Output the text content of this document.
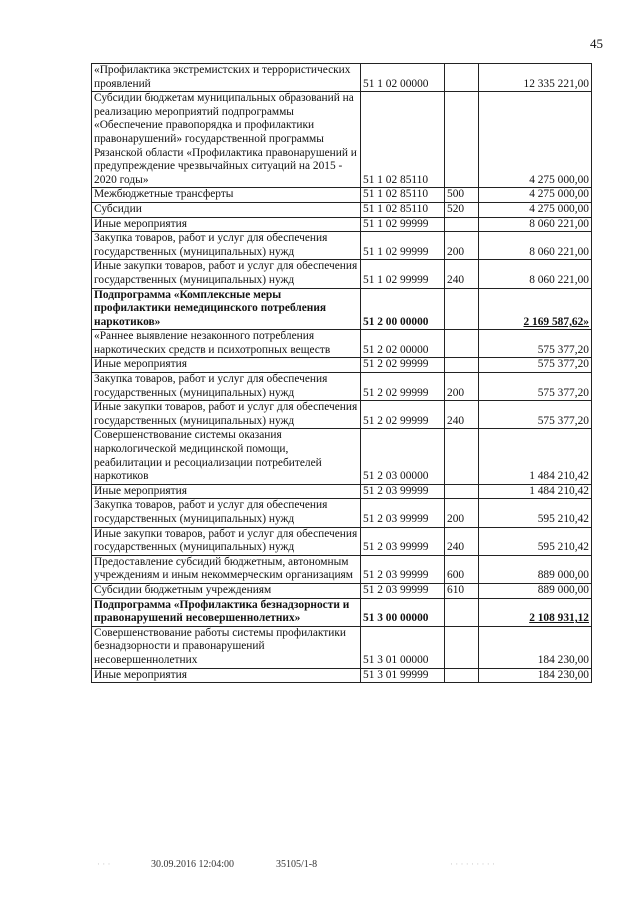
45
«Профилактика экстремистских и террористических проявлений	51 1 02 00000		12 335 221,00
Субсидии бюджетам муниципальных образований на реализацию мероприятий подпрограммы «Обеспечение правопорядка и профилактики правонарушений» государственной программы Рязанской области «Профилактика правонарушений и предупреждение чрезвычайных ситуаций на 2015 - 2020 годы»	51 1 02 85110		4 275 000,00
Межбюджетные трансферты	51 1 02 85110	500	4 275 000,00
Субсидии	51 1 02 85110	520	4 275 000,00
Иные мероприятия	51 1 02 99999		8 060 221,00
Закупка товаров, работ и услуг для обеспечения государственных (муниципальных) нужд	51 1 02 99999	200	8 060 221,00
Иные закупки товаров, работ и услуг для обеспечения государственных (муниципальных) нужд	51 1 02 99999	240	8 060 221,00
Подпрограмма «Комплексные меры профилактики немедицинского потребления наркотиков»	51 2 00 00000		2 169 587,62»
«Раннее выявление незаконного потребления наркотических средств и психотропных веществ	51 2 02 00000		575 377,20
Иные мероприятия	51 2 02 99999		575 377,20
Закупка товаров, работ и услуг для обеспечения государственных (муниципальных) нужд	51 2 02 99999	200	575 377,20
Иные закупки товаров, работ и услуг для обеспечения государственных (муниципальных) нужд	51 2 02 99999	240	575 377,20
Совершенствование системы оказания наркологической медицинской помощи, реабилитации и ресоциализации потребителей наркотиков	51 2 03 00000		1 484 210,42
Иные мероприятия	51 2 03 99999		1 484 210,42
Закупка товаров, работ и услуг для обеспечения государственных (муниципальных) нужд	51 2 03 99999	200	595 210,42
Иные закупки товаров, работ и услуг для обеспечения государственных (муниципальных) нужд	51 2 03 99999	240	595 210,42
Предоставление субсидий бюджетным, автономным учреждениям и иным некоммерческим организациям	51 2 03 99999	600	889 000,00
Субсидии бюджетным учреждениям	51 2 03 99999	610	889 000,00
Подпрограмма «Профилактика безнадзорности и правонарушений несовершеннолетних»	51 3 00 00000		2 108 931,12
Совершенствование работы системы профилактики безнадзорности и правонарушений несовершеннолетних	51 3 01 00000		184 230,00
Иные мероприятия	51 3 01 99999		184 230,00
· · ·	30.09.2016 12:04:00	35105/1-8	· · · · · · · · ·
